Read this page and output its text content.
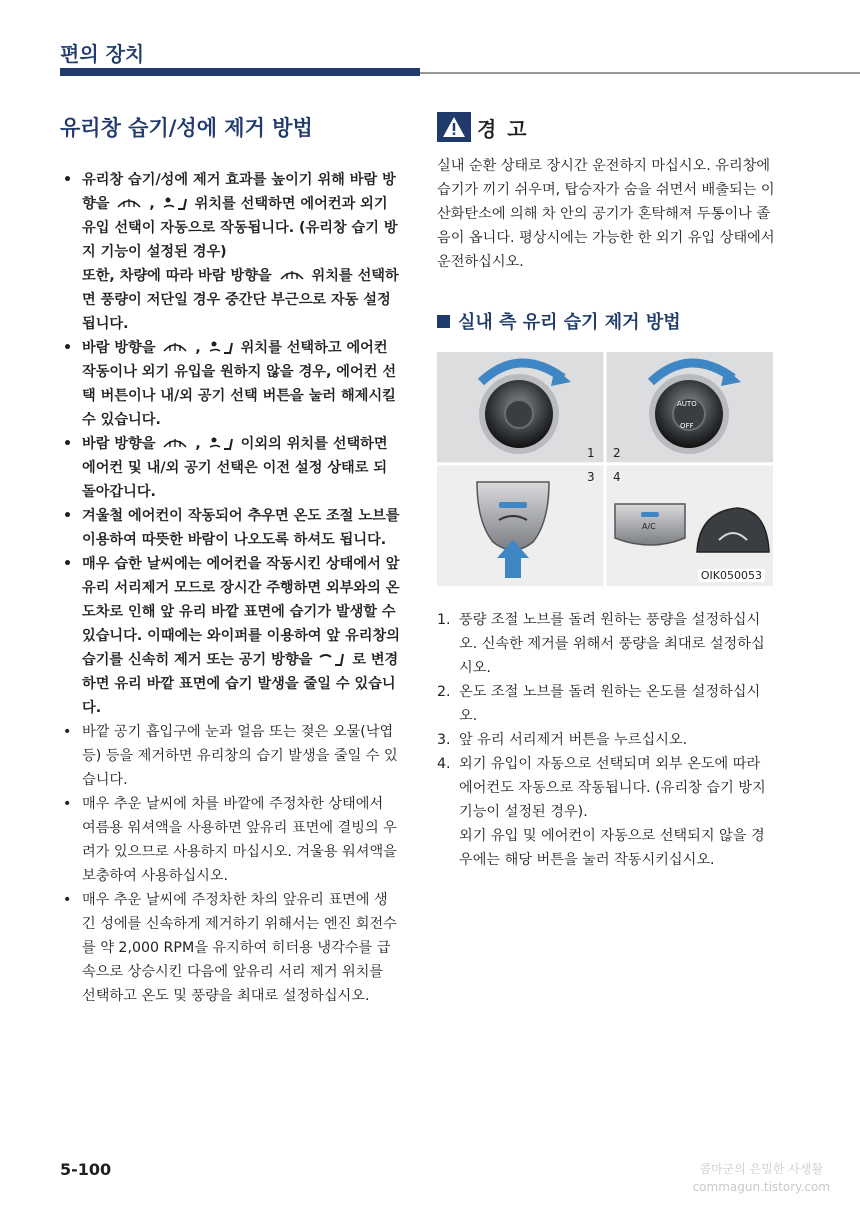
편의 장치
유리창 습기/성에 제거 방법
• 유리창 습기/성에 제거 효과를 높이기 위해 바람 방향을  ,  위치를 선택하면 에어컨과 외기 유입 선택이 자동으로 작동됩니다. (유리창 습기 방지 기능이 설정된 경우)
또한, 차량에 따라 바람 방향을	위치를 선택하면 풍량이 저단일 경우 중간단 부근으로 자동 설정됩니다.
• 바람 방향을  ,  위치를 선택하고 에어컨 작동이나 외기 유입을 원하지 않을 경우, 에어컨 선택 버튼이나 내/외 공기 선택 버튼을 눌러 해제시킬 수 있습니다.
• 바람 방향을  ,  이외의 위치를 선택하면 에어컨 및 내/외 공기 선택은 이전 설정 상태로 되돌아갑니다.
• 겨울철 에어컨이 작동되어 추우면 온도 조절 노브를 이용하여 따뜻한 바람이 나오도록 하셔도 됩니다.
• 매우 습한 날씨에는 에어컨을 작동시킨 상태에서 앞 유리 서리제거 모드로 장시간 주행하면 외부와의 온도차로 인해 앞 유리 바깥 표면에 습기가 발생할 수 있습니다. 이때에는 와이퍼를 이용하여 앞 유리창의 습기를 신속히 제거 또는 공기 방향을	로 변경하면 유리 바깥 표면에 습기 발생을 줄일 수 있습니다.
• 바깥 공기 흡입구에 눈과 얼음 또는 젖은 오물(낙엽 등) 등을 제거하면 유리창의 습기 발생을 줄일 수 있습니다.
• 매우 추운 날씨에 차를 바깥에 주정차한 상태에서 여름용 워셔액을 사용하면 앞유리 표면에 결빙의 우려가 있으므로 사용하지 마십시오. 겨울용 워셔액을 보충하여 사용하십시오.
• 매우 추운 날씨에 주정차한 차의 앞유리 표면에 생긴 성에를 신속하게 제거하기 위해서는 엔진 회전수를 약 2,000 RPM을 유지하여 히터용 냉각수를 급속으로 상승시킨 다음에 앞유리 서리 제거 위치를 선택하고 온도 및 풍량을 최대로 설정하십시오.
경 고
실내 순환 상태로 장시간 운전하지 마십시오. 유리창에 습기가 끼기 쉬우며, 탑승자가 숨을 쉬면서 배출되는 이산화탄소에 의해 차 안의 공기가 혼탁해져 두통이나 졸음이 옵니다. 평상시에는 가능한 한 외기 유입 상태에서 운전하십시오.
실내 측 유리 습기 제거 방법
1 2
3 4
AUTO
OFF
A/C
OIK050053
1. 풍량 조절 노브를 돌려 원하는 풍량을 설정하십시오. 신속한 제거를 위해서 풍량을 최대로 설정하십시오.
2. 온도 조절 노브를 돌려 원하는 온도를 설정하십시오.
3. 앞 유리 서리제거 버튼을 누르십시오.
4. 외기 유입이 자동으로 선택되며 외부 온도에 따라 에어컨도 자동으로 작동됩니다. (유리창 습기 방지 기능이 설정된 경우).
외기 유입 및 에어컨이 자동으로 선택되지 않을 경우에는 해당 버튼을 눌러 작동시키십시오.
5-100	콤마군의 은밀한 사생활
commagun.tistory.com
